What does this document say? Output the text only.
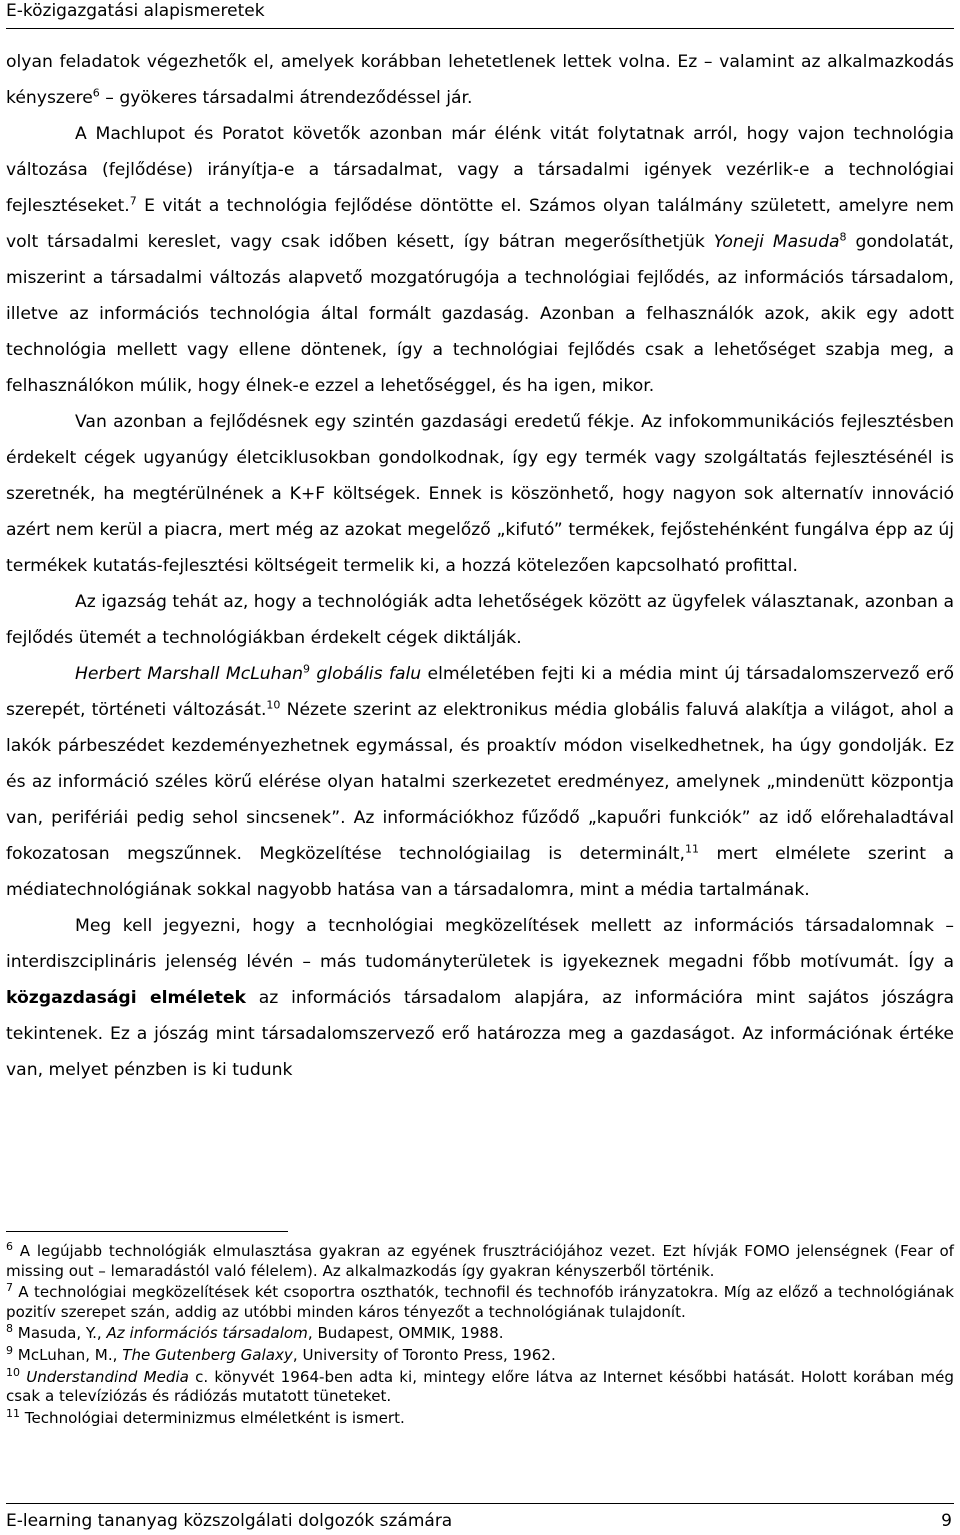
E-közigazgatási alapismeretek

olyan feladatok végezhetők el, amelyek korábban lehetetlenek lettek volna. Ez – valamint az alkalmazkodás kényszere$^6$ – gyökeres társadalmi átrendeződéssel jár.

A Machlupot és Poratot követők azonban már élénk vitát folytatnak arról, hogy vajon technológia változása (fejlődése) irányítja-e a társadalmat, vagy a társadalmi igények vezérlik-e a technológiai fejlesztéseket.$^7$ E vitát a technológia fejlődése döntötte el. Számos olyan találmány született, amelyre nem volt társadalmi kereslet, vagy csak időben késett, így bátran megerősíthetjük Yoneji Masuda$^8$ gondolatát, miszerint a társadalmi változás alapvető mozgatórugója a technológiai fejlődés, az információs társadalom, illetve az információs technológia által formált gazdaság. Azonban a felhasználók azok, akik egy adott technológia mellett vagy ellene döntenek, így a technológiai fejlődés csak a lehetőséget szabja meg, a felhasználókon múlik, hogy élnek-e ezzel a lehetőséggel, és ha igen, mikor.

Van azonban a fejlődésnek egy szintén gazdasági eredetű fékje. Az infokommunikációs fejlesztésben érdekelt cégek ugyanúgy életciklusokban gondolkodnak, így egy termék vagy szolgáltatás fejlesztésénél is szeretnék, ha megtérülnének a K+F költségek. Ennek is köszönhető, hogy nagyon sok alternatív innováció azért nem kerül a piacra, mert még az azokat megelőző „kifutó” termékek, fejőstehénként fungálva épp az új termékek kutatás-fejlesztési költségeit termelik ki, a hozzá kötelezően kapcsolható profittal.

Az igazság tehát az, hogy a technológiák adta lehetőségek között az ügyfelek választanak, azonban a fejlődés ütemét a technológiákban érdekelt cégek diktálják.

Herbert Marshall McLuhan$^9$ globális falu elméletében fejti ki a média mint új társadalomszervező erő szerepét, történeti változását.$^{10}$ Nézete szerint az elektronikus média globális faluvá alakítja a világot, ahol a lakók párbeszédet kezdeményezhetnek egymással, és proaktív módon viselkedhetnek, ha úgy gondolják. Ez és az információ széles körű elérése olyan hatalmi szerkezetet eredményez, amelynek „mindenütt központja van, perifériái pedig sehol sincsenek”. Az információkhoz fűződő „kapuőri funkciók” az idő előrehaladtával fokozatosan megszűnnek. Megközelítése technológiailag is determinált,$^{11}$ mert elmélete szerint a médiatechnológiának sokkal nagyobb hatása van a társadalomra, mint a média tartalmának.

Meg kell jegyezni, hogy a tecnhológiai megközelítések mellett az információs társadalomnak – interdiszciplináris jelenség lévén – más tudományterületek is igyekeznek megadni főbb motívumát. Így a közgazdasági elméletek az információs társadalom alapjára, az információra mint sajátos jószágra tekintenek. Ez a jószág mint társadalomszervező erő határozza meg a gazdaságot. Az információnak értéke van, melyet pénzben is ki tudunk

$^6$ A legújabb technológiák elmulasztása gyakran az egyének frusztrációjához vezet. Ezt hívják FOMO jelenségnek (Fear of missing out – lemaradástól való félelem). Az alkalmazkodás így gyakran kényszerből történik.

$^7$ A technológiai megközelítések két csoportra oszthatók, technofil és technofób irányzatokra. Míg az előző a technológiának pozitív szerepet szán, addig az utóbbi minden káros tényezőt a technológiának tulajdonít.

$^8$ Masuda, Y., Az információs társadalom, Budapest, OMMIK, 1988.

$^9$ McLuhan, M., The Gutenberg Galaxy, University of Toronto Press, 1962.

$^{10}$ Understandind Media c. könyvét 1964-ben adta ki, mintegy előre látva az Internet későbbi hatását. Holott korában még csak a televíziózás és rádiózás mutatott tüneteket.

$^{11}$ Technológiai determinizmus elméletként is ismert.

E-learning tananyag közszolgálati dolgozók számára	9
